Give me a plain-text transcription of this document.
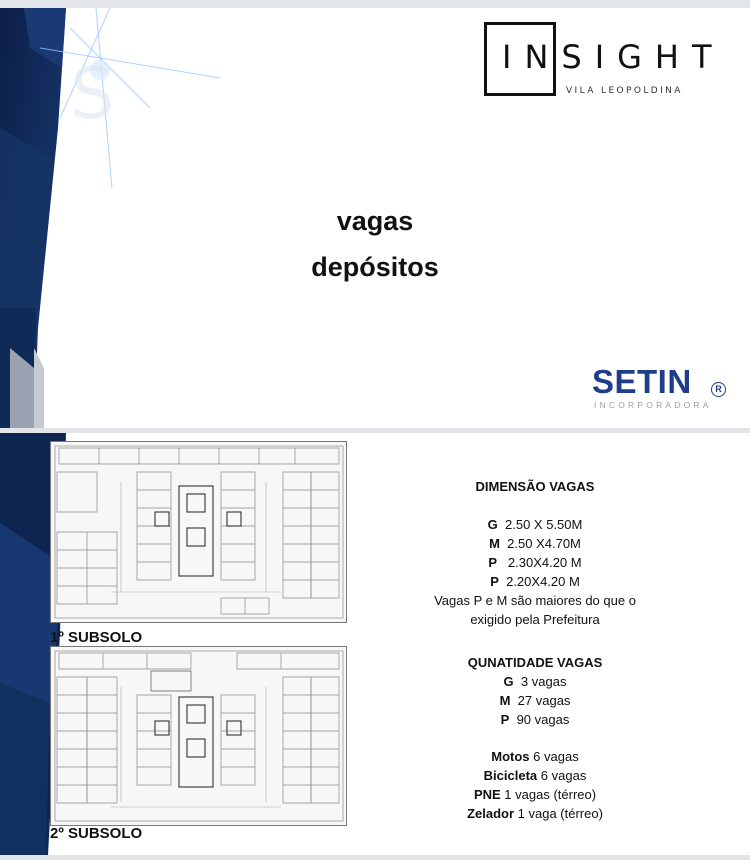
S	INSIGHT
VILA LEOPOLDINA
vagas
depósitos
SETIN	R
INCORPORADORA
1º SUBSOLO
2º SUBSOLO
DIMENSÃO VAGAS
G 2.50 X 5.50M
M 2.50 X4.70M
P 2.30X4.20 M
P 2.20X4.20 M
Vagas P e M são maiores do que o
exigido pela Prefeitura
QUNATIDADE VAGAS
G 3 vagas
M 27 vagas
P 90 vagas
Motos 6 vagas
Bicicleta 6 vagas
PNE 1 vagas (térreo)
Zelador 1 vaga (térreo)
